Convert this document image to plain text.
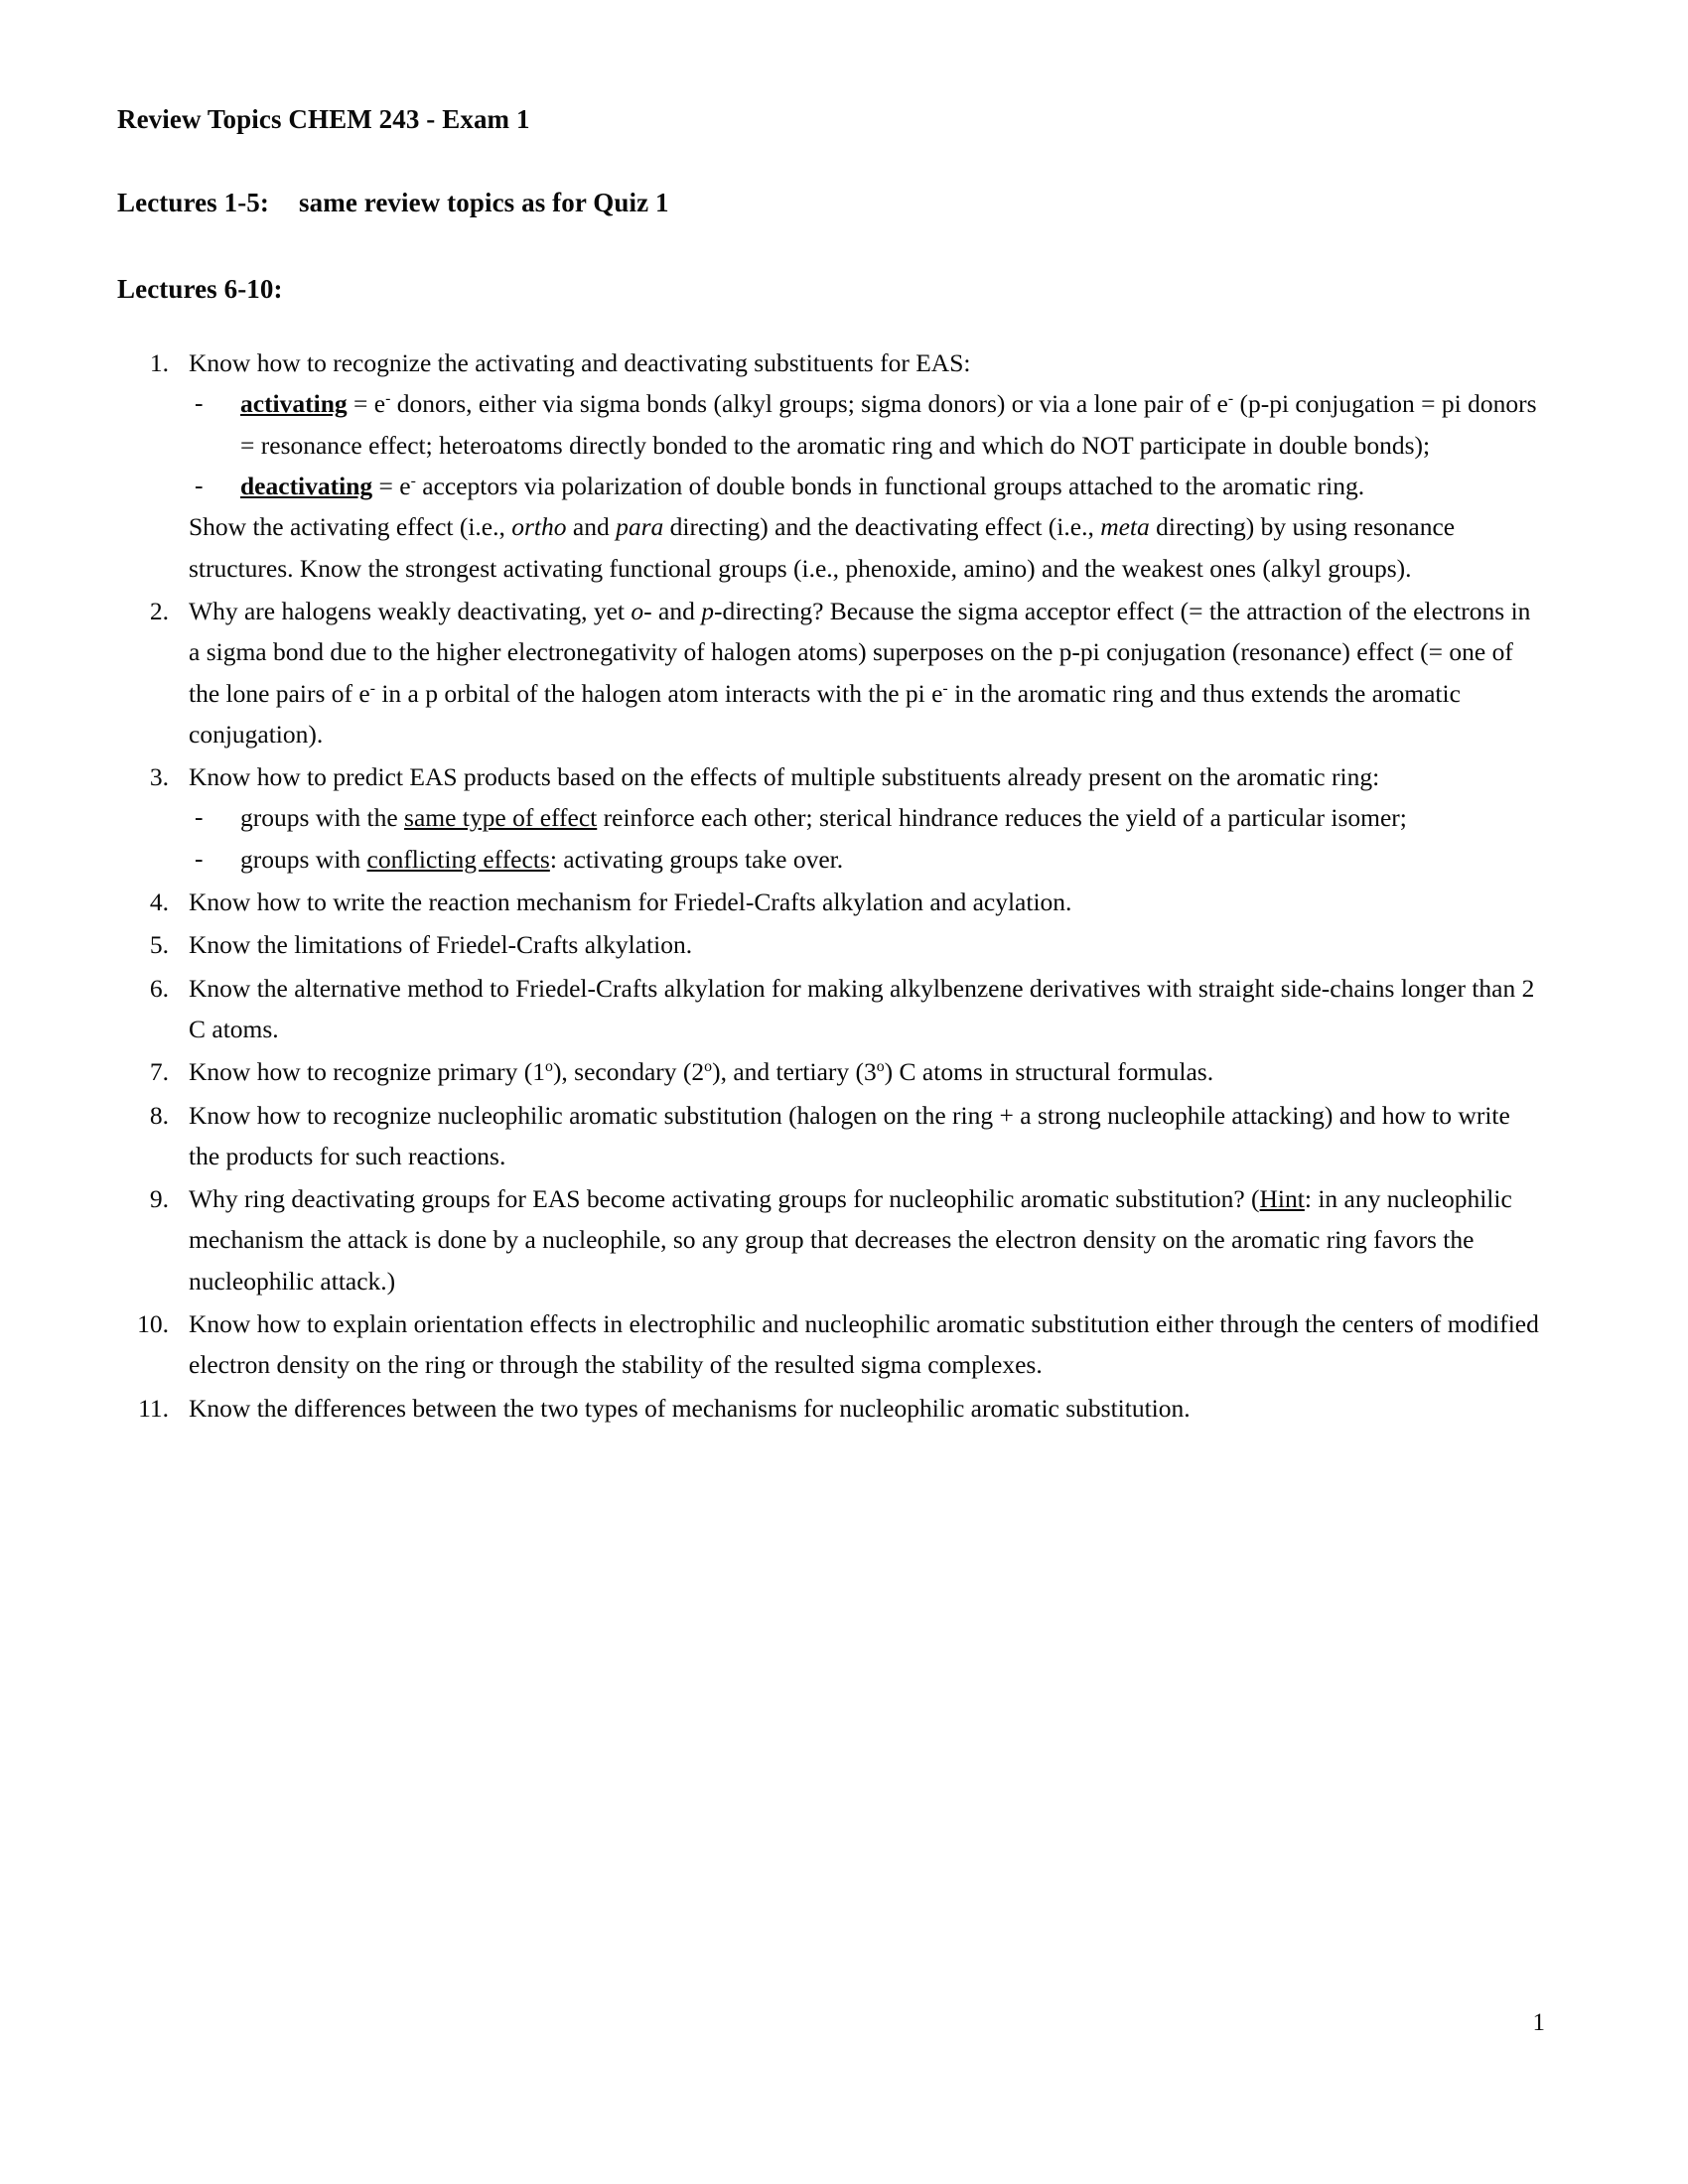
Review Topics CHEM 243 - Exam 1
Lectures 1-5: same review topics as for Quiz 1
Lectures 6-10:
1. Know how to recognize the activating and deactivating substituents for EAS:
- activating = e- donors, either via sigma bonds (alkyl groups; sigma donors) or via a lone pair of e- (p-pi conjugation = pi donors = resonance effect; heteroatoms directly bonded to the aromatic ring and which do NOT participate in double bonds);
- deactivating = e- acceptors via polarization of double bonds in functional groups attached to the aromatic ring.
Show the activating effect (i.e., ortho and para directing) and the deactivating effect (i.e., meta directing) by using resonance structures. Know the strongest activating functional groups (i.e., phenoxide, amino) and the weakest ones (alkyl groups).
2. Why are halogens weakly deactivating, yet o- and p-directing? Because the sigma acceptor effect (= the attraction of the electrons in a sigma bond due to the higher electronegativity of halogen atoms) superposes on the p-pi conjugation (resonance) effect (= one of the lone pairs of e- in a p orbital of the halogen atom interacts with the pi e- in the aromatic ring and thus extends the aromatic conjugation).
3. Know how to predict EAS products based on the effects of multiple substituents already present on the aromatic ring:
- groups with the same type of effect reinforce each other; sterical hindrance reduces the yield of a particular isomer;
- groups with conflicting effects: activating groups take over.
4. Know how to write the reaction mechanism for Friedel-Crafts alkylation and acylation.
5. Know the limitations of Friedel-Crafts alkylation.
6. Know the alternative method to Friedel-Crafts alkylation for making alkylbenzene derivatives with straight side-chains longer than 2 C atoms.
7. Know how to recognize primary (1$^o$), secondary (2$^o$), and tertiary (3$^o$) C atoms in structural formulas.
8. Know how to recognize nucleophilic aromatic substitution (halogen on the ring + a strong nucleophile attacking) and how to write the products for such reactions.
9. Why ring deactivating groups for EAS become activating groups for nucleophilic aromatic substitution? (Hint: in any nucleophilic mechanism the attack is done by a nucleophile, so any group that decreases the electron density on the aromatic ring favors the nucleophilic attack.)
10. Know how to explain orientation effects in electrophilic and nucleophilic aromatic substitution either through the centers of modified electron density on the ring or through the stability of the resulted sigma complexes.
11. Know the differences between the two types of mechanisms for nucleophilic aromatic substitution.
1
